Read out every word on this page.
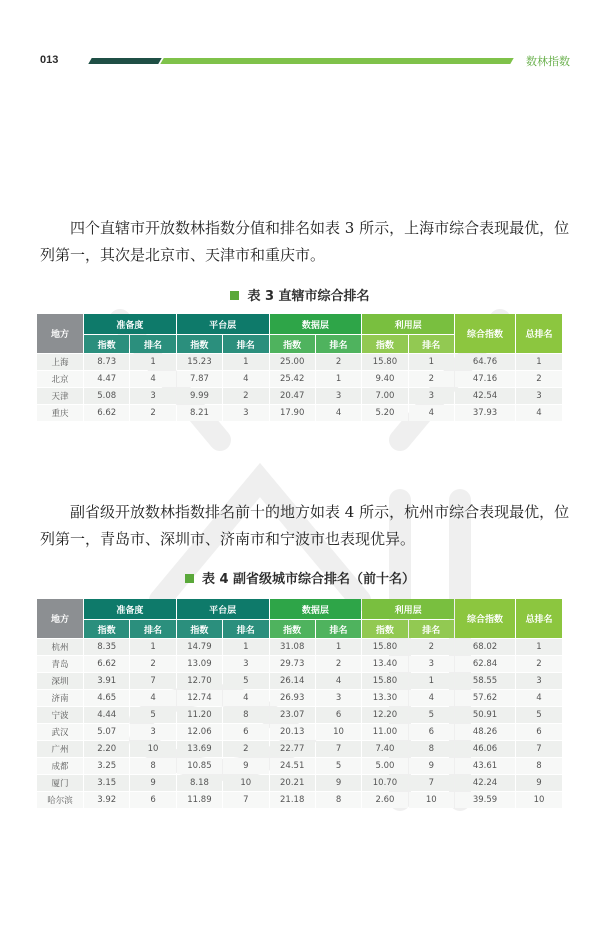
013	数林指数

四个直辖市开放数林指数分值和排名如表 3 所示，上海市综合表现最优，位列第一，其次是北京市、天津市和重庆市。

表 3 直辖市综合排名
地方	准备度		平台层		数据层		利用层		综合指数	总排名
	指数	排名	指数	排名	指数	排名	指数	排名		
上海	8.73	1	15.23	1	25.00	2	15.80	1	64.76	1
北京	4.47	4	7.87	4	25.42	1	9.40	2	47.16	2
天津	5.08	3	9.99	2	20.47	3	7.00	3	42.54	3
重庆	6.62	2	8.21	3	17.90	4	5.20	4	37.93	4

副省级开放数林指数排名前十的地方如表 4 所示，杭州市综合表现最优，位列第一，青岛市、深圳市、济南市和宁波市也表现优异。

表 4 副省级城市综合排名（前十名）
地方	准备度		平台层		数据层		利用层		综合指数	总排名
	指数	排名	指数	排名	指数	排名	指数	排名		
杭州	8.35	1	14.79	1	31.08	1	15.80	2	68.02	1
青岛	6.62	2	13.09	3	29.73	2	13.40	3	62.84	2
深圳	3.91	7	12.70	5	26.14	4	15.80	1	58.55	3
济南	4.65	4	12.74	4	26.93	3	13.30	4	57.62	4
宁波	4.44	5	11.20	8	23.07	6	12.20	5	50.91	5
武汉	5.07	3	12.06	6	20.13	10	11.00	6	48.26	6
广州	2.20	10	13.69	2	22.77	7	7.40	8	46.06	7
成都	3.25	8	10.85	9	24.51	5	5.00	9	43.61	8
厦门	3.15	9	8.18	10	20.21	9	10.70	7	42.24	9
哈尔滨	3.92	6	11.89	7	21.18	8	2.60	10	39.59	10
